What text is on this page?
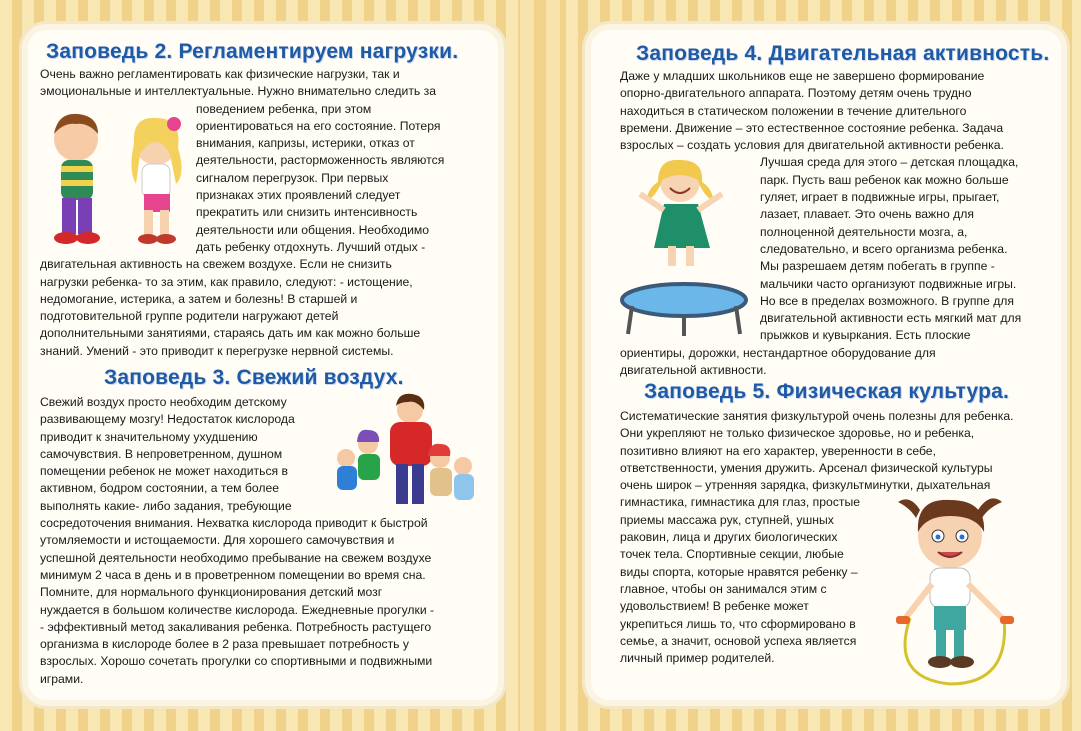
Заповедь 2. Регламентируем нагрузки.
Очень важно регламентировать как физические нагрузки, так и
эмоциональные и интеллектуальные. Нужно внимательно следить за
поведением ребенка, при этом
ориентироваться на его состояние. Потеря
внимания, капризы, истерики, отказ от
деятельности, расторможенность являются
сигналом перегрузок. При первых
признаках этих проявлений следует
прекратить или снизить интенсивность
деятельности или общения. Необходимо
дать ребенку отдохнуть. Лучший отдых -
двигательная активность на свежем воздухе. Если не снизить
нагрузки ребенка- то за этим, как правило, следуют: - истощение,
недомогание, истерика, а затем и болезнь! В старшей и
подготовительной группе родители нагружают детей
дополнительными занятиями, стараясь дать им как можно больше
знаний. Умений - это приводит к перегрузке нервной системы.
Заповедь 3. Свежий воздух.
Свежий воздух просто необходим детскому
развивающему мозгу! Недостаток кислорода
приводит к значительному ухудшению
самочувствия. В непроветренном, душном
помещении ребенок не может находиться в
активном, бодром состоянии, а тем более
выполнять какие- либо задания, требующие
сосредоточения внимания. Нехватка кислорода приводит к быстрой
утомляемости и истощаемости. Для хорошего самочувствия и
успешной деятельности необходимо пребывание на свежем воздухе
минимум 2 часа в день и в проветренном помещении во время сна.
Помните, для нормального функционирования детский мозг
нуждается в большом количестве кислорода. Ежедневные прогулки -
- эффективный метод закаливания ребенка. Потребность растущего
организма в кислороде более в 2 раза превышает потребность у
взрослых. Хорошо сочетать прогулки со спортивными и подвижными
играми.
Заповедь 4. Двигательная активность.
Даже у младших школьников еще не завершено формирование
опорно-двигательного аппарата. Поэтому детям очень трудно
находиться в статическом положении в течение длительного
времени. Движение – это естественное состояние ребенка. Задача
взрослых – создать условия для двигательной активности ребенка.
Лучшая среда для этого – детская площадка,
парк. Пусть ваш ребенок как можно больше
гуляет, играет в подвижные игры, прыгает,
лазает, плавает. Это очень важно для
полноценной деятельности мозга, а,
следовательно, и всего организма ребенка.
Мы разрешаем детям побегать в группе -
мальчики часто организуют подвижные игры.
Но все в пределах возможного. В группе для
двигательной активности есть мягкий мат для
прыжков и кувыркания. Есть плоские
ориентиры, дорожки, нестандартное оборудование для
двигательной активности.
Заповедь 5. Физическая культура.
Систематические занятия физкультурой очень полезны для ребенка.
Они укрепляют не только физическое здоровье, но и ребенка,
позитивно влияют на его характер, уверенности в себе,
ответственности, умения дружить. Арсенал физической культуры
очень широк – утренняя зарядка, физкультминутки, дыхательная
гимнастика, гимнастика для глаз, простые
приемы массажа рук, ступней, ушных
раковин, лица и других биологических
точек тела. Спортивные секции, любые
виды спорта, которые нравятся ребенку –
главное, чтобы он занимался этим с
удовольствием! В ребенке может
укрепиться лишь то, что сформировано в
семье, а значит, основой успеха является
личный пример родителей.
